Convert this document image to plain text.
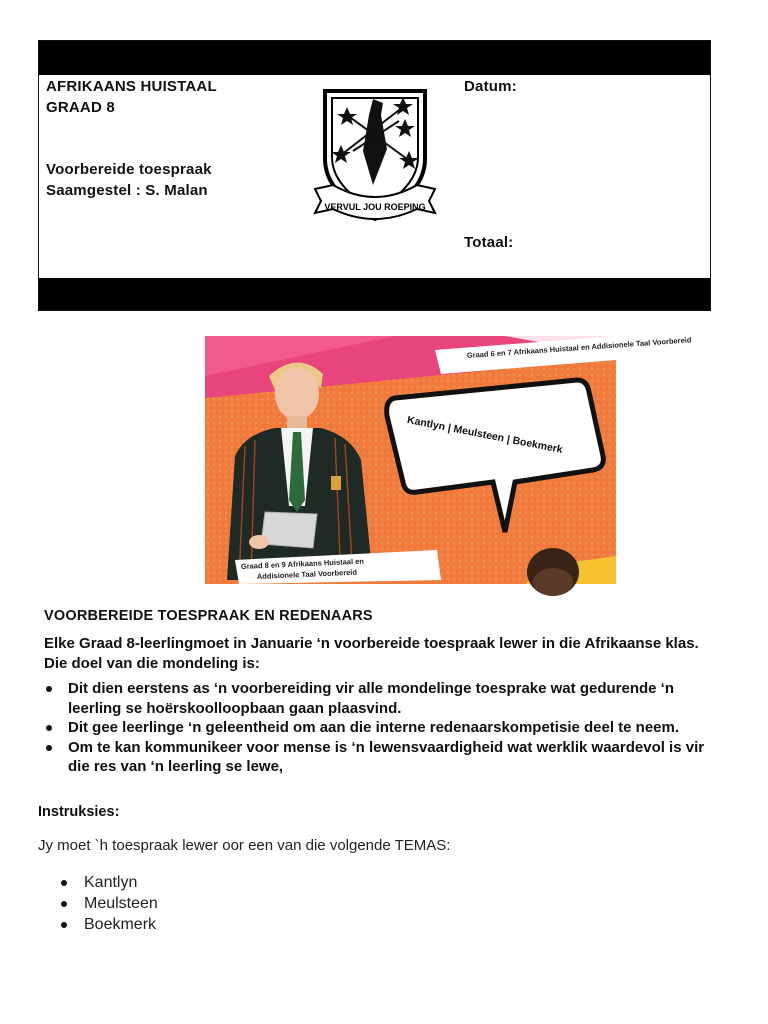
AFRIKAANS HUISTAAL
GRAAD 8
Voorbereide toespraak
Saamgestel : S. Malan
Datum:
Totaal:
VERVUL JOU ROEPING
Graad 6 en 7 Afrikaans Huistaal en Addisionele Taal Voorbereid
Kantlyn | Meulsteen | Boekmerk
Graad 8 en 9 Afrikaans Huistaal en
Addisionele Taal Voorbereid
VOORBEREIDE TOESPRAAK EN REDENAARS
Elke Graad 8-leerlingmoet in Januarie ‘n voorbereide toespraak lewer in die Afrikaanse klas. Die doel van die mondeling is:
Dit dien eerstens as ‘n voorbereiding vir alle mondelinge toesprake wat gedurende ‘n leerling se hoërskoolloopbaan gaan plaasvind.
Dit gee leerlinge ‘n geleentheid om aan die interne redenaarskompetisie deel te neem.
Om te kan kommunikeer voor mense is ‘n lewensvaardigheid wat werklik waardevol is vir die res van ‘n leerling se lewe,
Instruksies:
Jy moet `h toespraak lewer oor een van die volgende TEMAS:
Kantlyn
Meulsteen
Boekmerk
